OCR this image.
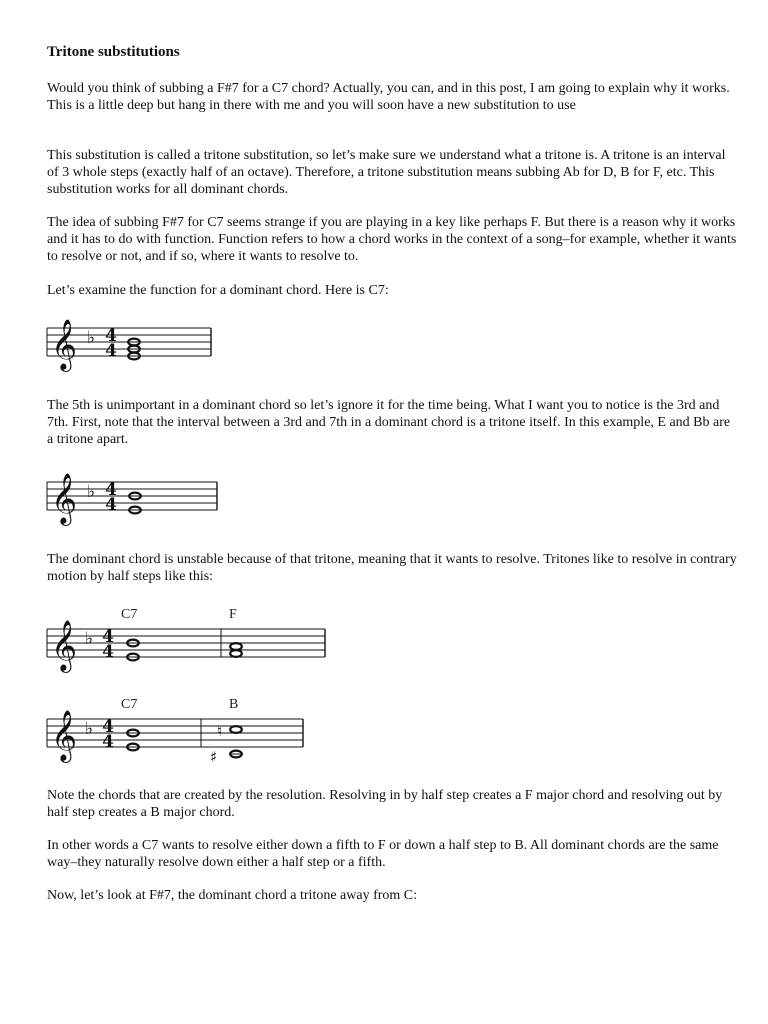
Tritone substitutions

Would you think of subbing a F#7 for a C7 chord? Actually, you can, and in this post, I am going to explain why it works. This is a little deep but hang in there with me and you will soon have a new substitution to use

This substitution is called a tritone substitution, so let’s make sure we understand what a tritone is. A tritone is an interval of 3 whole steps (exactly half of an octave). Therefore, a tritone substitution means subbing Ab for D, B for F, etc. This substitution works for all dominant chords.

The idea of subbing F#7 for C7 seems strange if you are playing in a key like perhaps F. But there is a reason why it works and it has to do with function. Function refers to how a chord works in the context of a song–for example, whether it wants to resolve or not, and if so, where it wants to resolve to.

Let’s examine the function for a dominant chord. Here is C7:

𝄞 ♭ 4
4

The 5th is unimportant in a dominant chord so let’s ignore it for the time being. What I want you to notice is the 3rd and 7th. First, note that the interval between a 3rd and 7th in a dominant chord is a tritone itself. In this example, E and Bb are a tritone apart.

𝄞 ♭ 4
4

The dominant chord is unstable because of that tritone, meaning that it wants to resolve. Tritones like to resolve in contrary motion by half steps like this:

C7	F
𝄞 ♭ 4
4
C7	B
𝄞 ♭ 4
4
♮
♯

Note the chords that are created by the resolution. Resolving in by half step creates a F major chord and resolving out by half step creates a B major chord.

In other words a C7 wants to resolve either down a fifth to F or down a half step to B. All dominant chords are the same way–they naturally resolve down either a half step or a fifth.

Now, let’s look at F#7, the dominant chord a tritone away from C:
